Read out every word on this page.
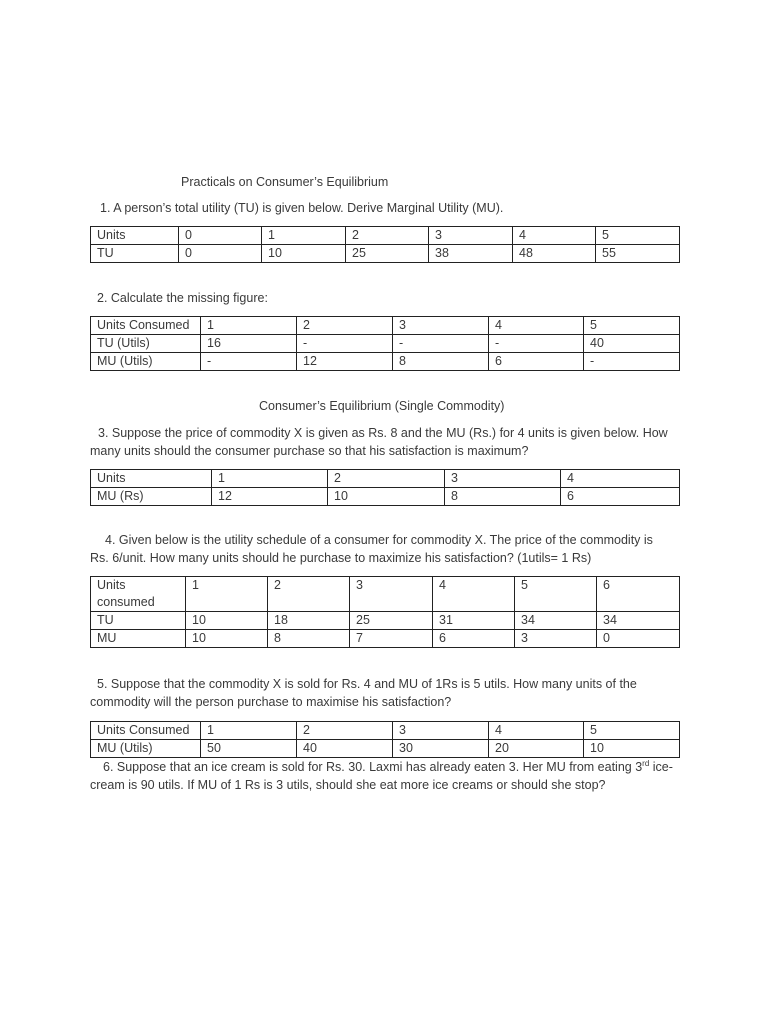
Practicals on Consumer’s Equilibrium
1. A person’s total utility (TU) is given below. Derive Marginal Utility (MU).
Units	0	1	2	3	4	5
TU	0	10	25	38	48	55
2. Calculate the missing figure:
Units Consumed	1	2	3	4	5
TU (Utils)	16	-	-	-	40
MU (Utils)	-	12	8	6	-
Consumer’s Equilibrium (Single Commodity)
3. Suppose the price of commodity X is given as Rs. 8 and the MU (Rs.) for 4 units is given below. How
many units should the consumer purchase so that his satisfaction is maximum?
Units	1	2	3	4
MU (Rs)	12	10	8	6
4. Given below is the utility schedule of a consumer for commodity X. The price of the commodity is
Rs. 6/unit. How many units should he purchase to maximize his satisfaction? (1utils= 1 Rs)
Units consumed	1	2	3	4	5	6
TU	10	18	25	31	34	34
MU	10	8	7	6	3	0
5. Suppose that the commodity X is sold for Rs. 4 and MU of 1Rs is 5 utils. How many units of the
commodity will the person purchase to maximise his satisfaction?
Units Consumed	1	2	3	4	5
MU (Utils)	50	40	30	20	10
6. Suppose that an ice cream is sold for Rs. 30. Laxmi has already eaten 3. Her MU from eating 3rd ice-
cream is 90 utils. If MU of 1 Rs is 3 utils, should she eat more ice creams or should she stop?
